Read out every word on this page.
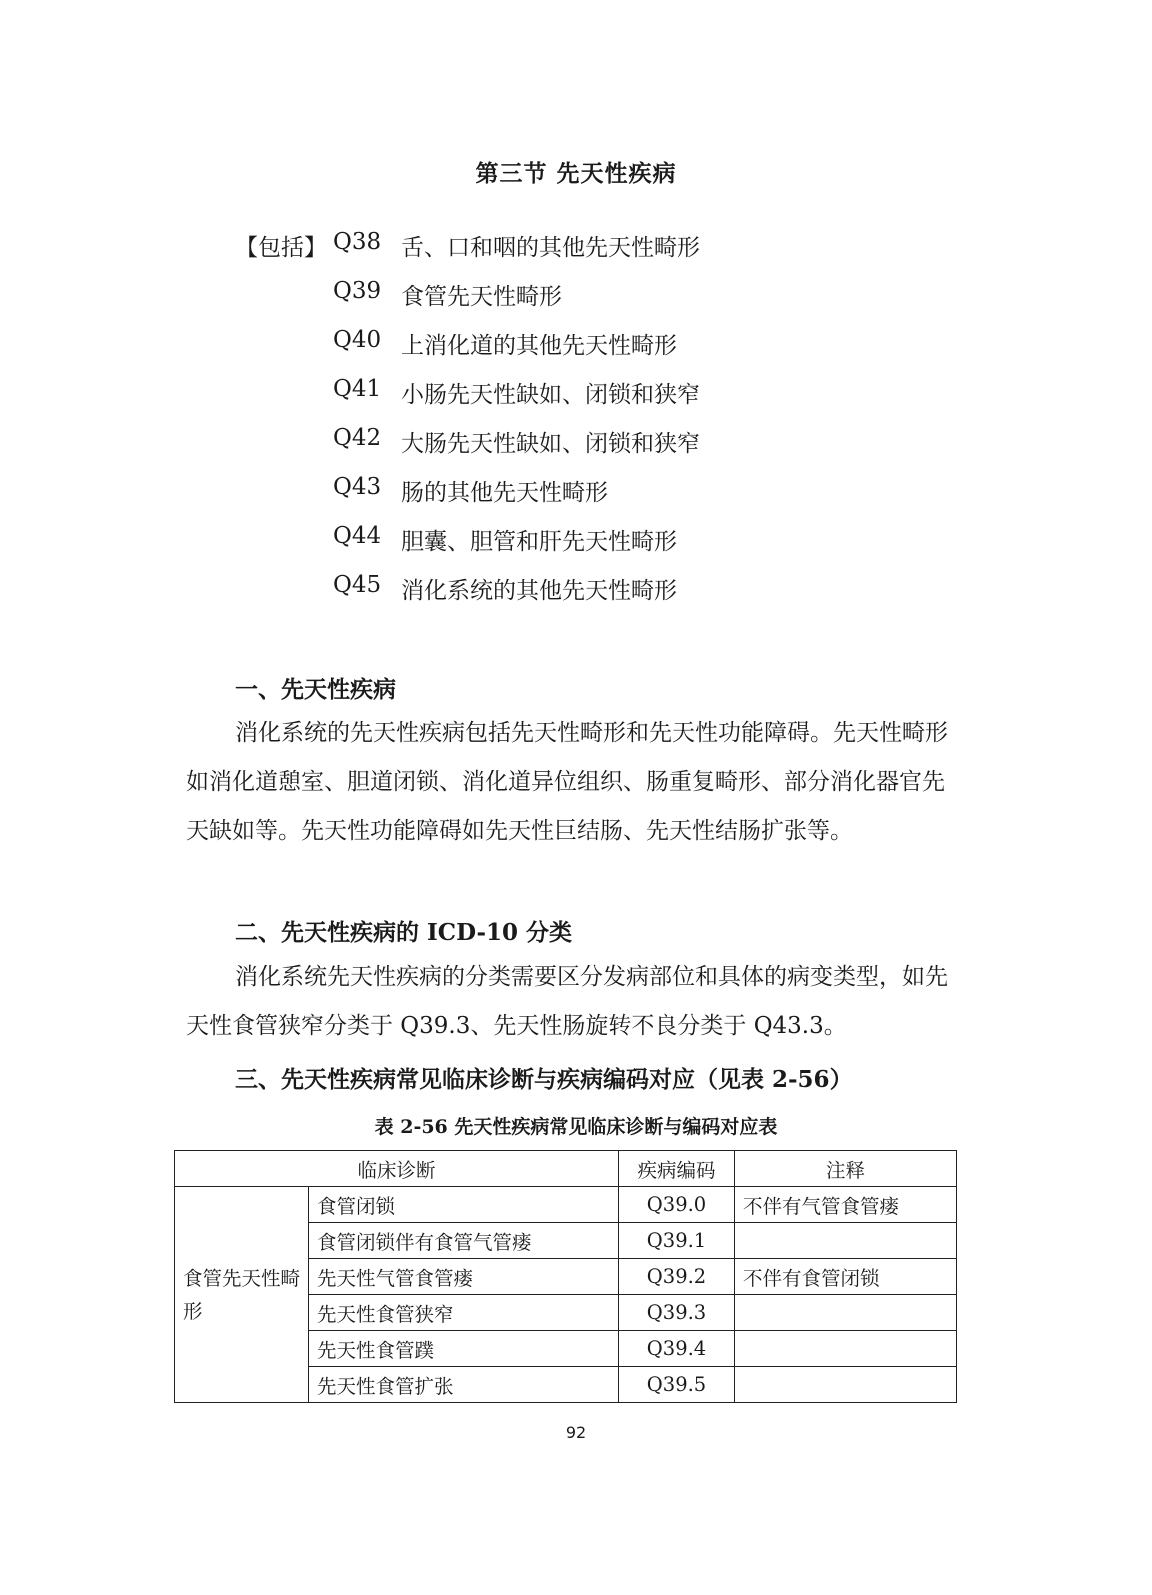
第三节 先天性疾病
【包括】 Q38 舌、口和咽的其他先天性畸形
Q39 食管先天性畸形
Q40 上消化道的其他先天性畸形
Q41 小肠先天性缺如、闭锁和狭窄
Q42 大肠先天性缺如、闭锁和狭窄
Q43 肠的其他先天性畸形
Q44 胆囊、胆管和肝先天性畸形
Q45 消化系统的其他先天性畸形
一、先天性疾病

消化系统的先天性疾病包括先天性畸形和先天性功能障碍。先天性畸形如消化道憩室、胆道闭锁、消化道异位组织、肠重复畸形、部分消化器官先天缺如等。先天性功能障碍如先天性巨结肠、先天性结肠扩张等。

二、先天性疾病的 ICD-10 分类

消化系统先天性疾病的分类需要区分发病部位和具体的病变类型，如先天性食管狭窄分类于 Q39.3、先天性肠旋转不良分类于 Q43.3。

三、先天性疾病常见临床诊断与疾病编码对应（见表 2-56）
表 2-56 先天性疾病常见临床诊断与编码对应表
临床诊断		疾病编码	注释
食管先天性畸形	食管闭锁	Q39.0	不伴有气管食管瘘
	食管闭锁伴有食管气管瘘	Q39.1	
	先天性气管食管瘘	Q39.2	不伴有食管闭锁
	先天性食管狭窄	Q39.3	
	先天性食管蹼	Q39.4	
	先天性食管扩张	Q39.5	
92
